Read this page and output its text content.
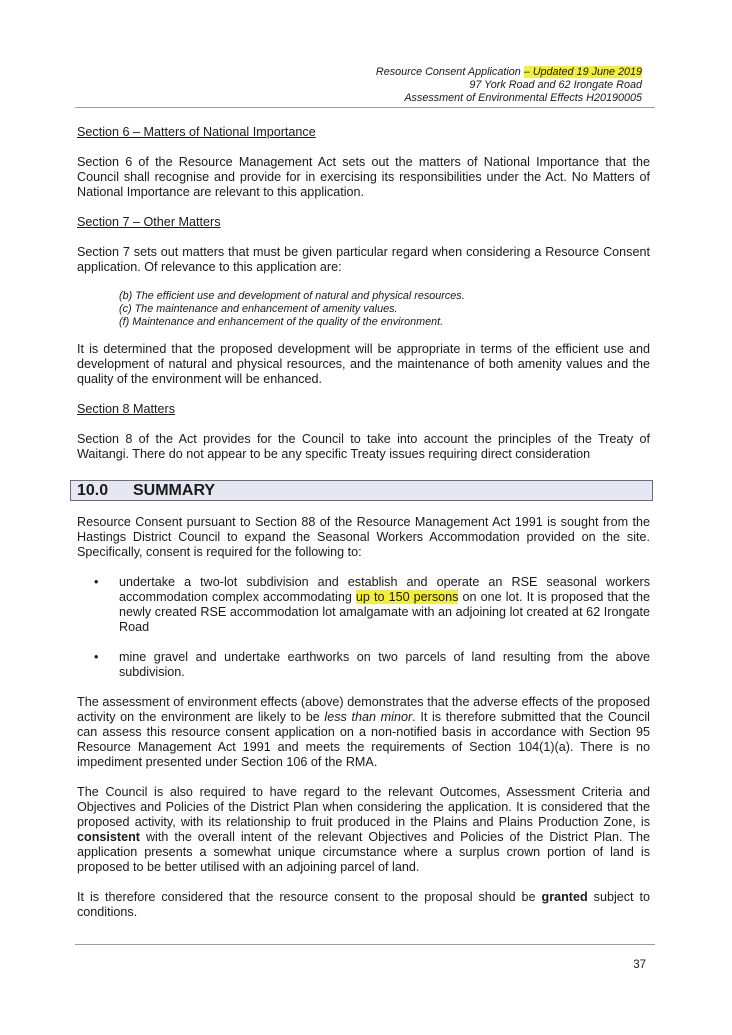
Resource Consent Application – Updated 19 June 2019
97 York Road and 62 Irongate Road
Assessment of Environmental Effects H20190005

Section 6 – Matters of National Importance

Section 6 of the Resource Management Act sets out the matters of National Importance that the Council shall recognise and provide for in exercising its responsibilities under the Act. No Matters of National Importance are relevant to this application.

Section 7 – Other Matters

Section 7 sets out matters that must be given particular regard when considering a Resource Consent application. Of relevance to this application are:

(b) The efficient use and development of natural and physical resources.
(c) The maintenance and enhancement of amenity values.
(f) Maintenance and enhancement of the quality of the environment.

It is determined that the proposed development will be appropriate in terms of the efficient use and development of natural and physical resources, and the maintenance of both amenity values and the quality of the environment will be enhanced.

Section 8 Matters

Section 8 of the Act provides for the Council to take into account the principles of the Treaty of Waitangi. There do not appear to be any specific Treaty issues requiring direct consideration

10.0 SUMMARY

Resource Consent pursuant to Section 88 of the Resource Management Act 1991 is sought from the Hastings District Council to expand the Seasonal Workers Accommodation provided on the site. Specifically, consent is required for the following to:

• undertake a two-lot subdivision and establish and operate an RSE seasonal workers accommodation complex accommodating up to 150 persons on one lot. It is proposed that the newly created RSE accommodation lot amalgamate with an adjoining lot created at 62 Irongate Road
• mine gravel and undertake earthworks on two parcels of land resulting from the above subdivision.

The assessment of environment effects (above) demonstrates that the adverse effects of the proposed activity on the environment are likely to be less than minor. It is therefore submitted that the Council can assess this resource consent application on a non-notified basis in accordance with Section 95 Resource Management Act 1991 and meets the requirements of Section 104(1)(a). There is no impediment presented under Section 106 of the RMA.

The Council is also required to have regard to the relevant Outcomes, Assessment Criteria and Objectives and Policies of the District Plan when considering the application. It is considered that the proposed activity, with its relationship to fruit produced in the Plains and Plains Production Zone, is consistent with the overall intent of the relevant Objectives and Policies of the District Plan. The application presents a somewhat unique circumstance where a surplus crown portion of land is proposed to be better utilised with an adjoining parcel of land.

It is therefore considered that the resource consent to the proposal should be granted subject to conditions.

37
